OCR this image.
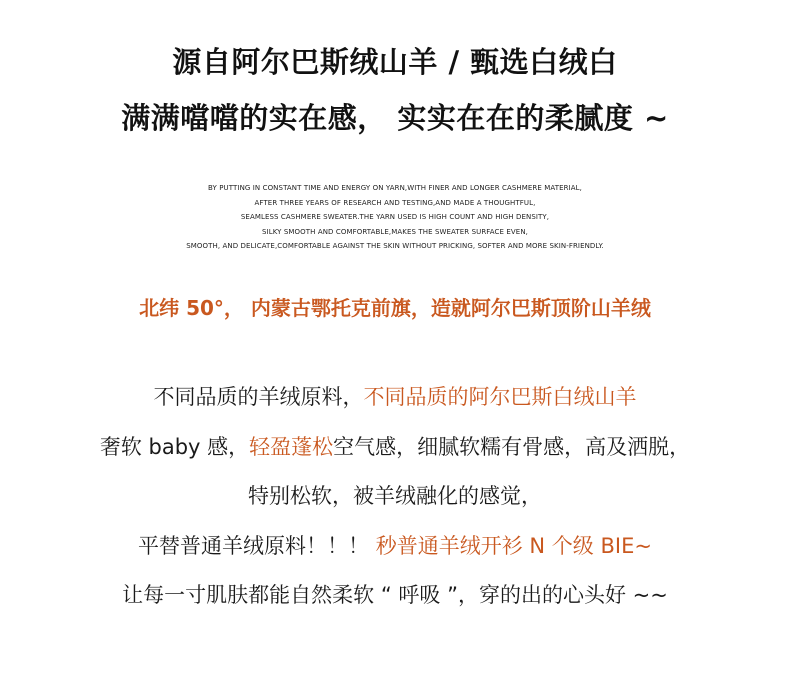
源自阿尔巴斯绒山羊 / 甄选白绒白
满满噹噹的实在感， 实实在在的柔腻度 ~
BY PUTTING IN CONSTANT TIME AND ENERGY ON YARN,WITH FINER AND LONGER CASHMERE MATERIAL,
AFTER THREE YEARS OF RESEARCH AND TESTING,AND MADE A THOUGHTFUL,
SEAMLESS CASHMERE SWEATER.THE YARN USED IS HIGH COUNT AND HIGH DENSITY,
SILKY SMOOTH AND COMFORTABLE,MAKES THE SWEATER SURFACE EVEN,
SMOOTH, AND DELICATE,COMFORTABLE AGAINST THE SKIN WITHOUT PRICKING, SOFTER AND MORE SKIN-FRIENDLY.
北纬 50°， 内蒙古鄂托克前旗，造就阿尔巴斯顶阶山羊绒
不同品质的羊绒原料，不同品质的阿尔巴斯白绒山羊
奢软 baby 感，轻盈蓬松空气感，细腻软糯有骨感，高及洒脱，
特别松软，被羊绒融化的感觉，
平替普通羊绒原料！！！ 秒普通羊绒开衫 N 个级 BIE~
让每一寸肌肤都能自然柔软 “ 呼吸 ”，穿的出的心头好 ~~
